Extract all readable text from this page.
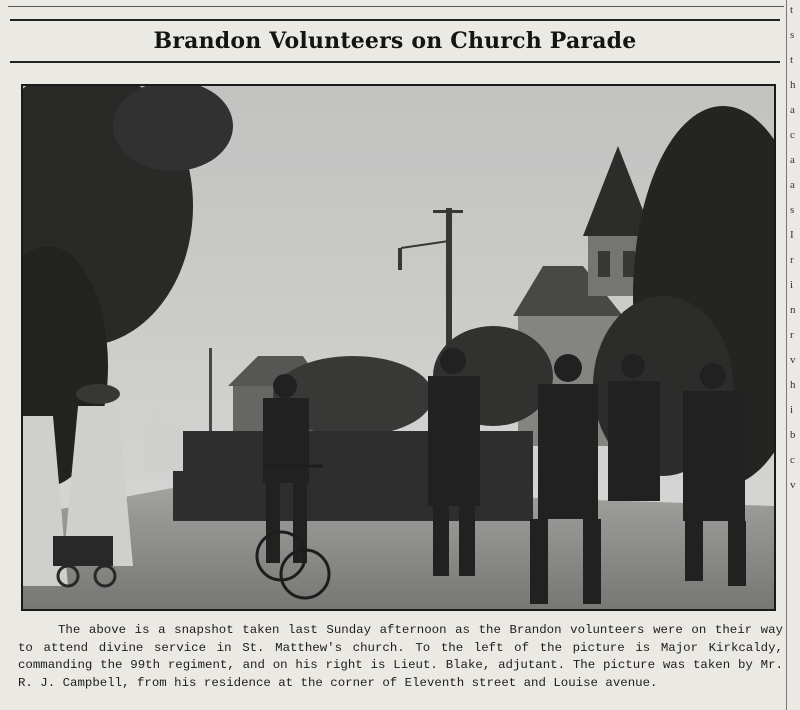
t
s
t
h
a
c
a
a
s
I
r
i
n
r
v
h
i
b
c
v
Brandon Volunteers on Church Parade

The above is a snapshot taken last Sunday afternoon as the Brandon volunteers were on their way to attend divine service in St. Matthew's church. To the left of the picture is Major Kirkcaldy, commanding the 99th regiment, and on his right is Lieut. Blake, adjutant. The picture was taken by Mr. R. J. Campbell, from his residence at the corner of Eleventh street and Louise avenue.
